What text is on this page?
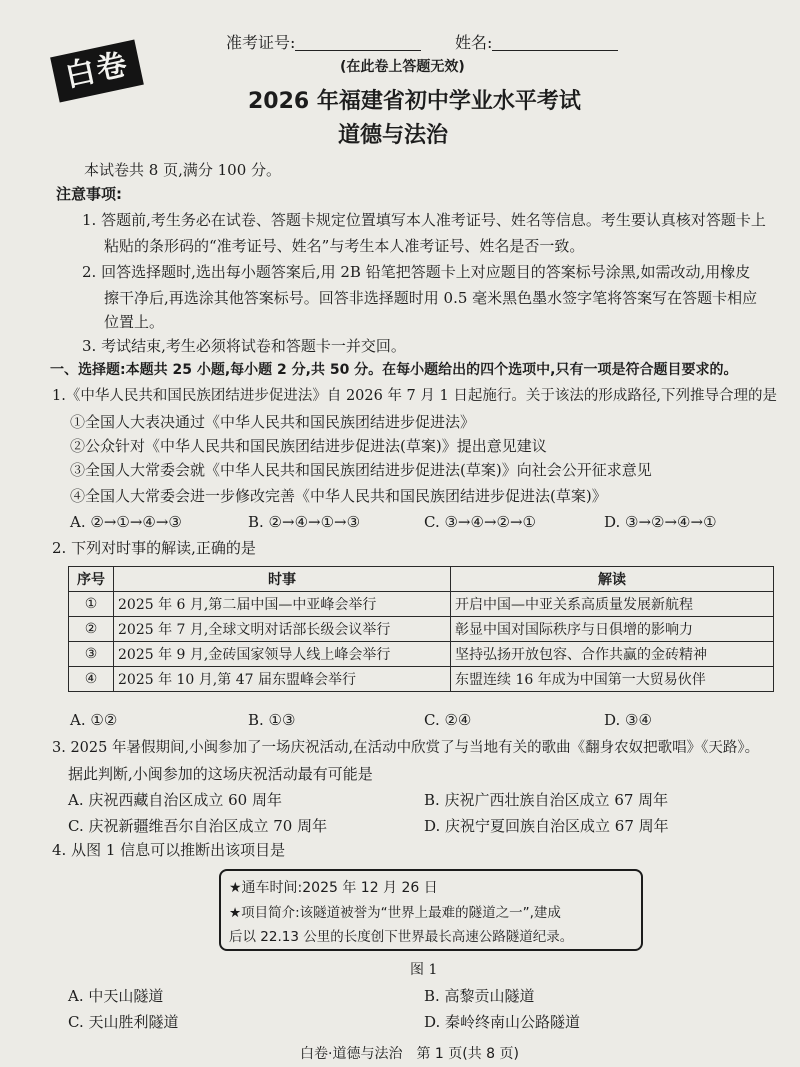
白卷
准考证号:	姓名:
(在此卷上答题无效)
2026 年福建省初中学业水平考试
道德与法治
本试卷共 8 页,满分 100 分。
注意事项:
1. 答题前,考生务必在试卷、答题卡规定位置填写本人准考证号、姓名等信息。考生要认真核对答题卡上
粘贴的条形码的“准考证号、姓名”与考生本人准考证号、姓名是否一致。
2. 回答选择题时,选出每小题答案后,用 2B 铅笔把答题卡上对应题目的答案标号涂黑,如需改动,用橡皮
擦干净后,再选涂其他答案标号。回答非选择题时用 0.5 毫米黑色墨水签字笔将答案写在答题卡相应
位置上。
3. 考试结束,考生必须将试卷和答题卡一并交回。
一、选择题:本题共 25 小题,每小题 2 分,共 50 分。在每小题给出的四个选项中,只有一项是符合题目要求的。
1.《中华人民共和国民族团结进步促进法》自 2026 年 7 月 1 日起施行。关于该法的形成路径,下列推导合理的是
①全国人大表决通过《中华人民共和国民族团结进步促进法》
②公众针对《中华人民共和国民族团结进步促进法(草案)》提出意见建议
③全国人大常委会就《中华人民共和国民族团结进步促进法(草案)》向社会公开征求意见
④全国人大常委会进一步修改完善《中华人民共和国民族团结进步促进法(草案)》
A. ②→①→④→③	B. ②→④→①→③	C. ③→④→②→①	D. ③→②→④→①
2. 下列对时事的解读,正确的是
序号	时事	解读
①	2025 年 6 月,第二届中国—中亚峰会举行	开启中国—中亚关系高质量发展新航程
②	2025 年 7 月,全球文明对话部长级会议举行	彰显中国对国际秩序与日俱增的影响力
③	2025 年 9 月,金砖国家领导人线上峰会举行	坚持弘扬开放包容、合作共赢的金砖精神
④	2025 年 10 月,第 47 届东盟峰会举行	东盟连续 16 年成为中国第一大贸易伙伴
A. ①②	B. ①③	C. ②④	D. ③④
3. 2025 年暑假期间,小闽参加了一场庆祝活动,在活动中欣赏了与当地有关的歌曲《翻身农奴把歌唱》《天路》。
据此判断,小闽参加的这场庆祝活动最有可能是
A. 庆祝西藏自治区成立 60 周年	B. 庆祝广西壮族自治区成立 67 周年
C. 庆祝新疆维吾尔自治区成立 70 周年	D. 庆祝宁夏回族自治区成立 67 周年
4. 从图 1 信息可以推断出该项目是
★通车时间:2025 年 12 月 26 日
★项目简介:该隧道被誉为“世界上最难的隧道之一”,建成
后以 22.13 公里的长度创下世界最长高速公路隧道纪录。
图 1
A. 中天山隧道	B. 高黎贡山隧道
C. 天山胜利隧道	D. 秦岭终南山公路隧道
白卷·道德与法治　第 1 页(共 8 页)
